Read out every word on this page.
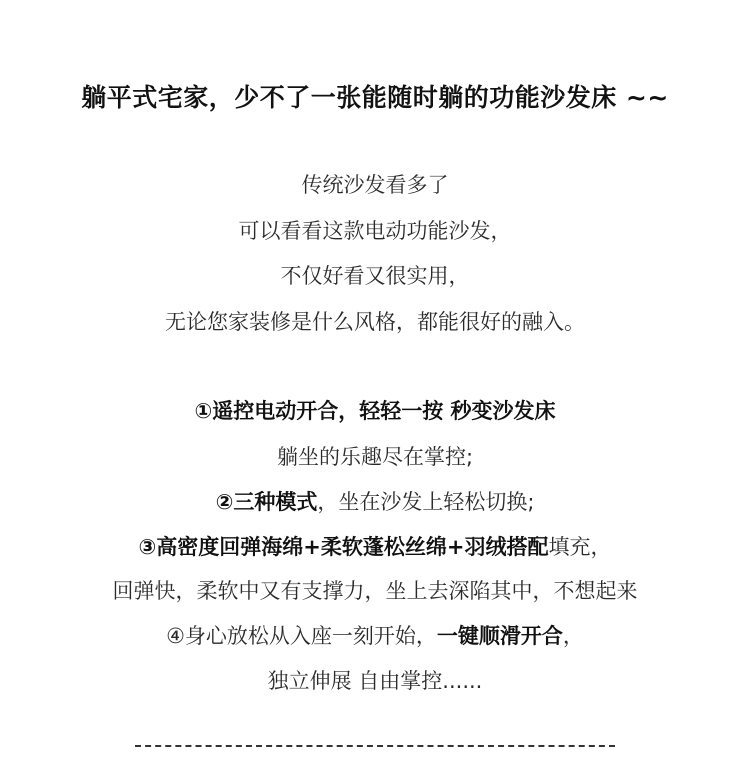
躺平式宅家，少不了一张能随时躺的功能沙发床 ~~
传统沙发看多了
可以看看这款电动功能沙发，
不仅好看又很实用，
无论您家装修是什么风格，都能很好的融入。
①遥控电动开合，轻轻一按 秒变沙发床
躺坐的乐趣尽在掌控;
②三种模式，坐在沙发上轻松切换;
③高密度回弹海绵+柔软蓬松丝绵+羽绒搭配填充，
回弹快，柔软中又有支撑力，坐上去深陷其中，不想起来
④身心放松从入座一刻开始，一键顺滑开合，
独立伸展 自由掌控......
